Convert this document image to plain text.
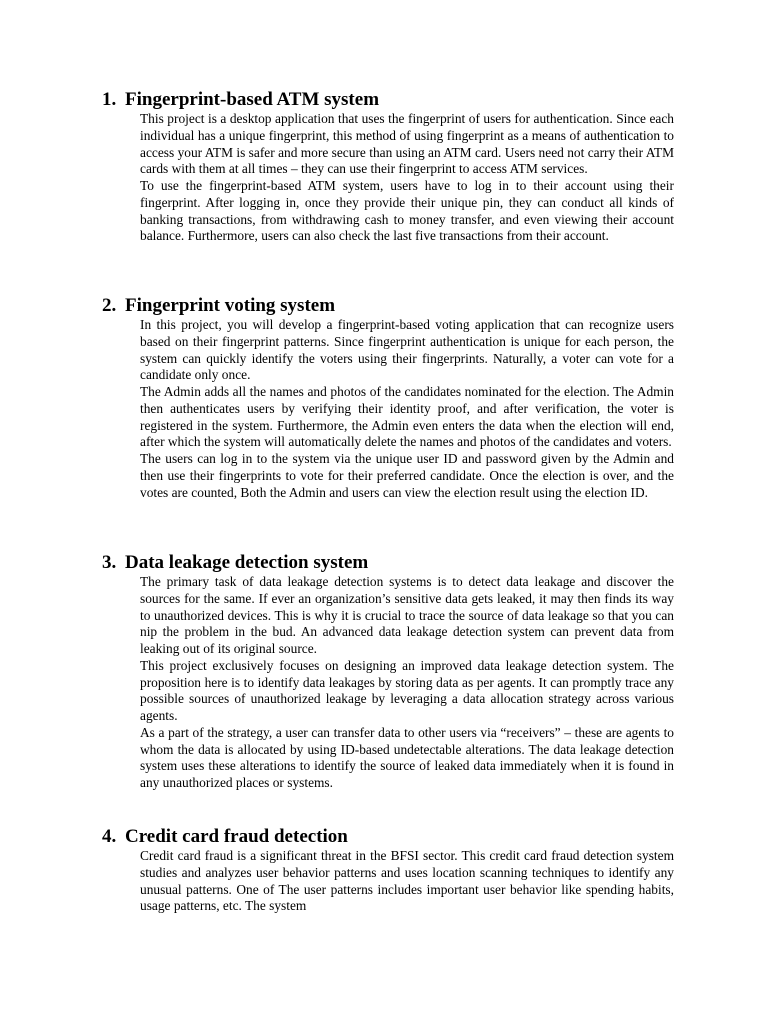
1. Fingerprint-based ATM system

This project is a desktop application that uses the fingerprint of users for authentication. Since each individual has a unique fingerprint, this method of using fingerprint as a means of authentication to access your ATM is safer and more secure than using an ATM card. Users need not carry their ATM cards with them at all times – they can use their fingerprint to access ATM services.

To use the fingerprint-based ATM system, users have to log in to their account using their fingerprint. After logging in, once they provide their unique pin, they can conduct all kinds of banking transactions, from withdrawing cash to money transfer, and even viewing their account balance. Furthermore, users can also check the last five transactions from their account.

2. Fingerprint voting system

In this project, you will develop a fingerprint-based voting application that can recognize users based on their fingerprint patterns. Since fingerprint authentication is unique for each person, the system can quickly identify the voters using their fingerprints. Naturally, a voter can vote for a candidate only once.

The Admin adds all the names and photos of the candidates nominated for the election. The Admin then authenticates users by verifying their identity proof, and after verification, the voter is registered in the system. Furthermore, the Admin even enters the data when the election will end, after which the system will automatically delete the names and photos of the candidates and voters.

The users can log in to the system via the unique user ID and password given by the Admin and then use their fingerprints to vote for their preferred candidate. Once the election is over, and the votes are counted, Both the Admin and users can view the election result using the election ID.

3. Data leakage detection system

The primary task of data leakage detection systems is to detect data leakage and discover the sources for the same. If ever an organization’s sensitive data gets leaked, it may then finds its way to unauthorized devices. This is why it is crucial to trace the source of data leakage so that you can nip the problem in the bud. An advanced data leakage detection system can prevent data from leaking out of its original source.

This project exclusively focuses on designing an improved data leakage detection system. The proposition here is to identify data leakages by storing data as per agents. It can promptly trace any possible sources of unauthorized leakage by leveraging a data allocation strategy across various agents.

As a part of the strategy, a user can transfer data to other users via “receivers” – these are agents to whom the data is allocated by using ID-based undetectable alterations. The data leakage detection system uses these alterations to identify the source of leaked data immediately when it is found in any unauthorized places or systems.

4. Credit card fraud detection

Credit card fraud is a significant threat in the BFSI sector. This credit card fraud detection system studies and analyzes user behavior patterns and uses location scanning techniques to identify any unusual patterns. One of The user patterns includes important user behavior like spending habits, usage patterns, etc. The system
